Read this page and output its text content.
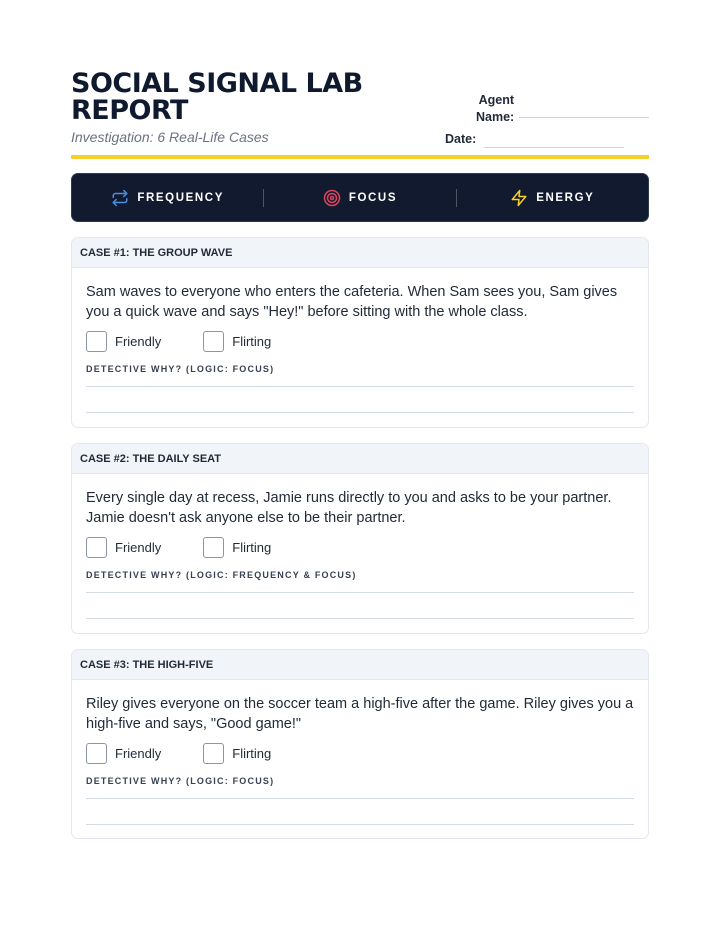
SOCIAL SIGNAL LAB REPORT
Investigation: 6 Real-Life Cases
Agent Name:
Date:
FREQUENCY	FOCUS	ENERGY
CASE #1: THE GROUP WAVE
Sam waves to everyone who enters the cafeteria. When Sam sees you, Sam gives you a quick wave and says "Hey!" before sitting with the whole class.
Friendly	Flirting
DETECTIVE WHY? (LOGIC: FOCUS)
CASE #2: THE DAILY SEAT
Every single day at recess, Jamie runs directly to you and asks to be your partner. Jamie doesn't ask anyone else to be their partner.
Friendly	Flirting
DETECTIVE WHY? (LOGIC: FREQUENCY & FOCUS)
CASE #3: THE HIGH-FIVE
Riley gives everyone on the soccer team a high-five after the game. Riley gives you a high-five and says, "Good game!"
Friendly	Flirting
DETECTIVE WHY? (LOGIC: FOCUS)
